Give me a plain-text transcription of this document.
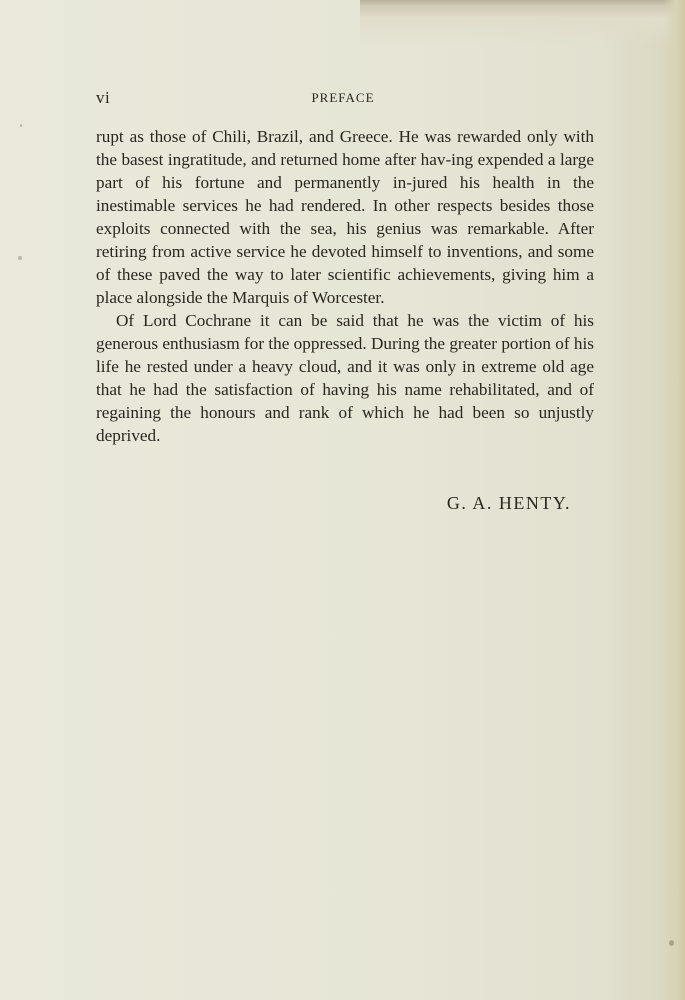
vi	PREFACE

rupt as those of Chili, Brazil, and Greece. He was rewarded only with the basest ingratitude, and returned home after hav-ing expended a large part of his fortune and permanently in-jured his health in the inestimable services he had rendered. In other respects besides those exploits connected with the sea, his genius was remarkable. After retiring from active service he devoted himself to inventions, and some of these paved the way to later scientific achievements, giving him a place alongside the Marquis of Worcester.

Of Lord Cochrane it can be said that he was the victim of his generous enthusiasm for the oppressed. During the greater portion of his life he rested under a heavy cloud, and it was only in extreme old age that he had the satisfaction of having his name rehabilitated, and of regaining the honours and rank of which he had been so unjustly deprived.

G. A. HENTY.
